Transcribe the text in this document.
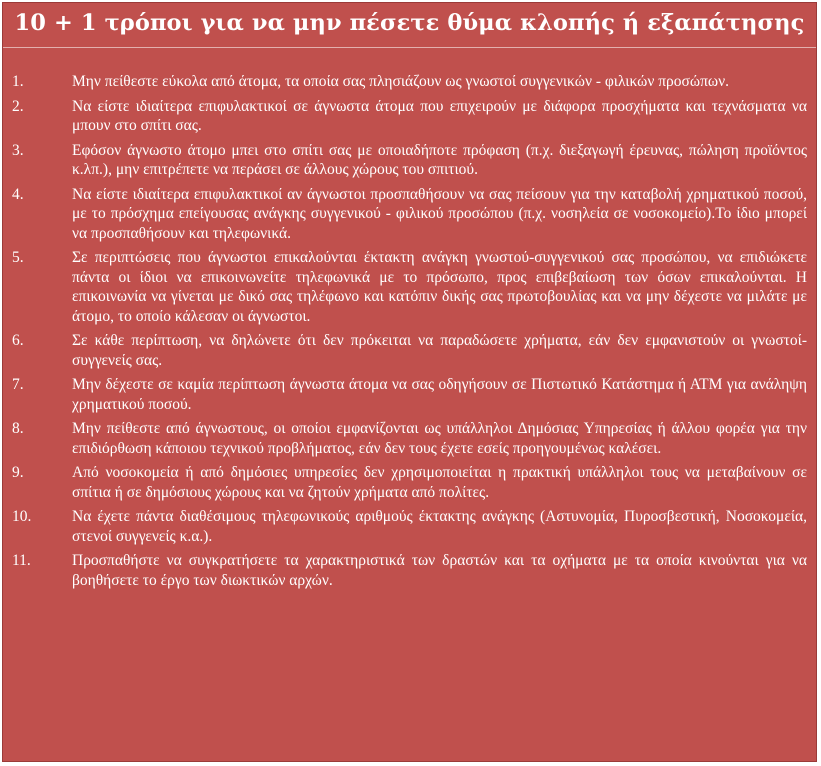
10 + 1 τρόποι για να μην πέσετε θύμα κλοπής ή εξαπάτησης
1.	Μην πείθεστε εύκολα από άτομα, τα οποία σας πλησιάζουν ως γνωστοί συγγενικών - φιλικών προσώπων.
2.	Να είστε ιδιαίτερα επιφυλακτικοί σε άγνωστα άτομα που επιχειρούν με διάφορα προσχήματα και τεχνάσματα να μπουν στο σπίτι σας.
3.	Εφόσον άγνωστο άτομο μπει στο σπίτι σας με οποιαδήποτε πρόφαση (π.χ. διεξαγωγή έρευνας, πώληση προϊόντος κ.λπ.), μην επιτρέπετε να περάσει σε άλλους χώρους του σπιτιού.
4.	Να είστε ιδιαίτερα επιφυλακτικοί αν άγνωστοι προσπαθήσουν να σας πείσουν για την καταβολή χρηματικού ποσού, με το πρόσχημα επείγουσας ανάγκης συγγενικού - φιλικού προσώπου (π.χ. νοσηλεία σε νοσοκομείο).Το ίδιο μπορεί να προσπαθήσουν και τηλεφωνικά.
5.	Σε περιπτώσεις που άγνωστοι επικαλούνται έκτακτη ανάγκη γνωστού-συγγενικού σας προσώπου, να επιδιώκετε πάντα οι ίδιοι να επικοινωνείτε τηλεφωνικά με το πρόσωπο, προς επιβεβαίωση των όσων επικαλούνται. Η επικοινωνία να γίνεται με δικό σας τηλέφωνο και κατόπιν δικής σας πρωτοβουλίας και να μην δέχεστε να μιλάτε με άτομο, το οποίο κάλεσαν οι άγνωστοι.
6.	Σε κάθε περίπτωση, να δηλώνετε ότι δεν πρόκειται να παραδώσετε χρήματα, εάν δεν εμφανιστούν οι γνωστοί-συγγενείς σας.
7.	Μην δέχεστε σε καμία περίπτωση άγνωστα άτομα να σας οδηγήσουν σε Πιστωτικό Κατάστημα ή ΑΤΜ για ανάληψη χρηματικού ποσού.
8.	Μην πείθεστε από άγνωστους, οι οποίοι εμφανίζονται ως υπάλληλοι Δημόσιας Υπηρεσίας ή άλλου φορέα για την επιδιόρθωση κάποιου τεχνικού προβλήματος, εάν δεν τους έχετε εσείς προηγουμένως καλέσει.
9.	Από νοσοκομεία ή από δημόσιες υπηρεσίες δεν χρησιμοποιείται η πρακτική υπάλληλοι τους να μεταβαίνουν σε σπίτια ή σε δημόσιους χώρους και να ζητούν χρήματα από πολίτες.
10.	Να έχετε πάντα διαθέσιμους τηλεφωνικούς αριθμούς έκτακτης ανάγκης (Αστυνομία, Πυροσβεστική, Νοσοκομεία, στενοί συγγενείς κ.α.).
11.	Προσπαθήστε να συγκρατήσετε τα χαρακτηριστικά των δραστών και τα οχήματα με τα οποία κινούνται για να βοηθήσετε το έργο των διωκτικών αρχών.
